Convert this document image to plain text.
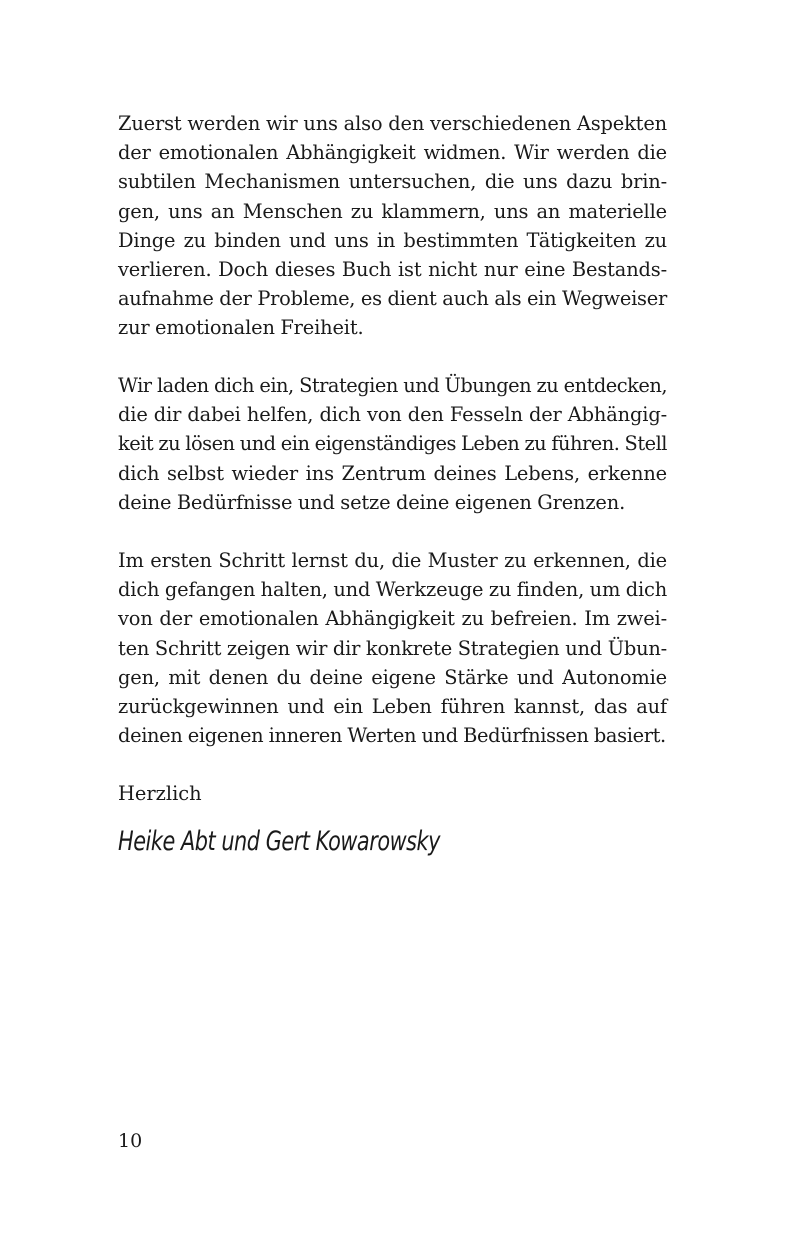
Zuerst werden wir uns also den verschiedenen Aspekten
der emotionalen Abhängigkeit widmen. Wir werden die
subtilen Mechanismen untersuchen, die uns dazu brin-
gen, uns an Menschen zu klammern, uns an materielle
Dinge zu binden und uns in bestimmten Tätigkeiten zu
verlieren. Doch dieses Buch ist nicht nur eine Bestands-
aufnahme der Probleme, es dient auch als ein Wegweiser
zur emotionalen Freiheit.
Wir laden dich ein, Strategien und Übungen zu entdecken,
die dir dabei helfen, dich von den Fesseln der Abhängig-
keit zu lösen und ein eigenständiges Leben zu führen. Stell
dich selbst wieder ins Zentrum deines Lebens, erkenne
deine Bedürfnisse und setze deine eigenen Grenzen.
Im ersten Schritt lernst du, die Muster zu erkennen, die
dich gefangen halten, und Werkzeuge zu finden, um dich
von der emotionalen Abhängigkeit zu befreien. Im zwei-
ten Schritt zeigen wir dir konkrete Strategien und Übun-
gen, mit denen du deine eigene Stärke und Autonomie
zurückgewinnen und ein Leben führen kannst, das auf
deinen eigenen inneren Werten und Bedürfnissen basiert.
Herzlich
Heike Abt und Gert Kowarowsky
10
